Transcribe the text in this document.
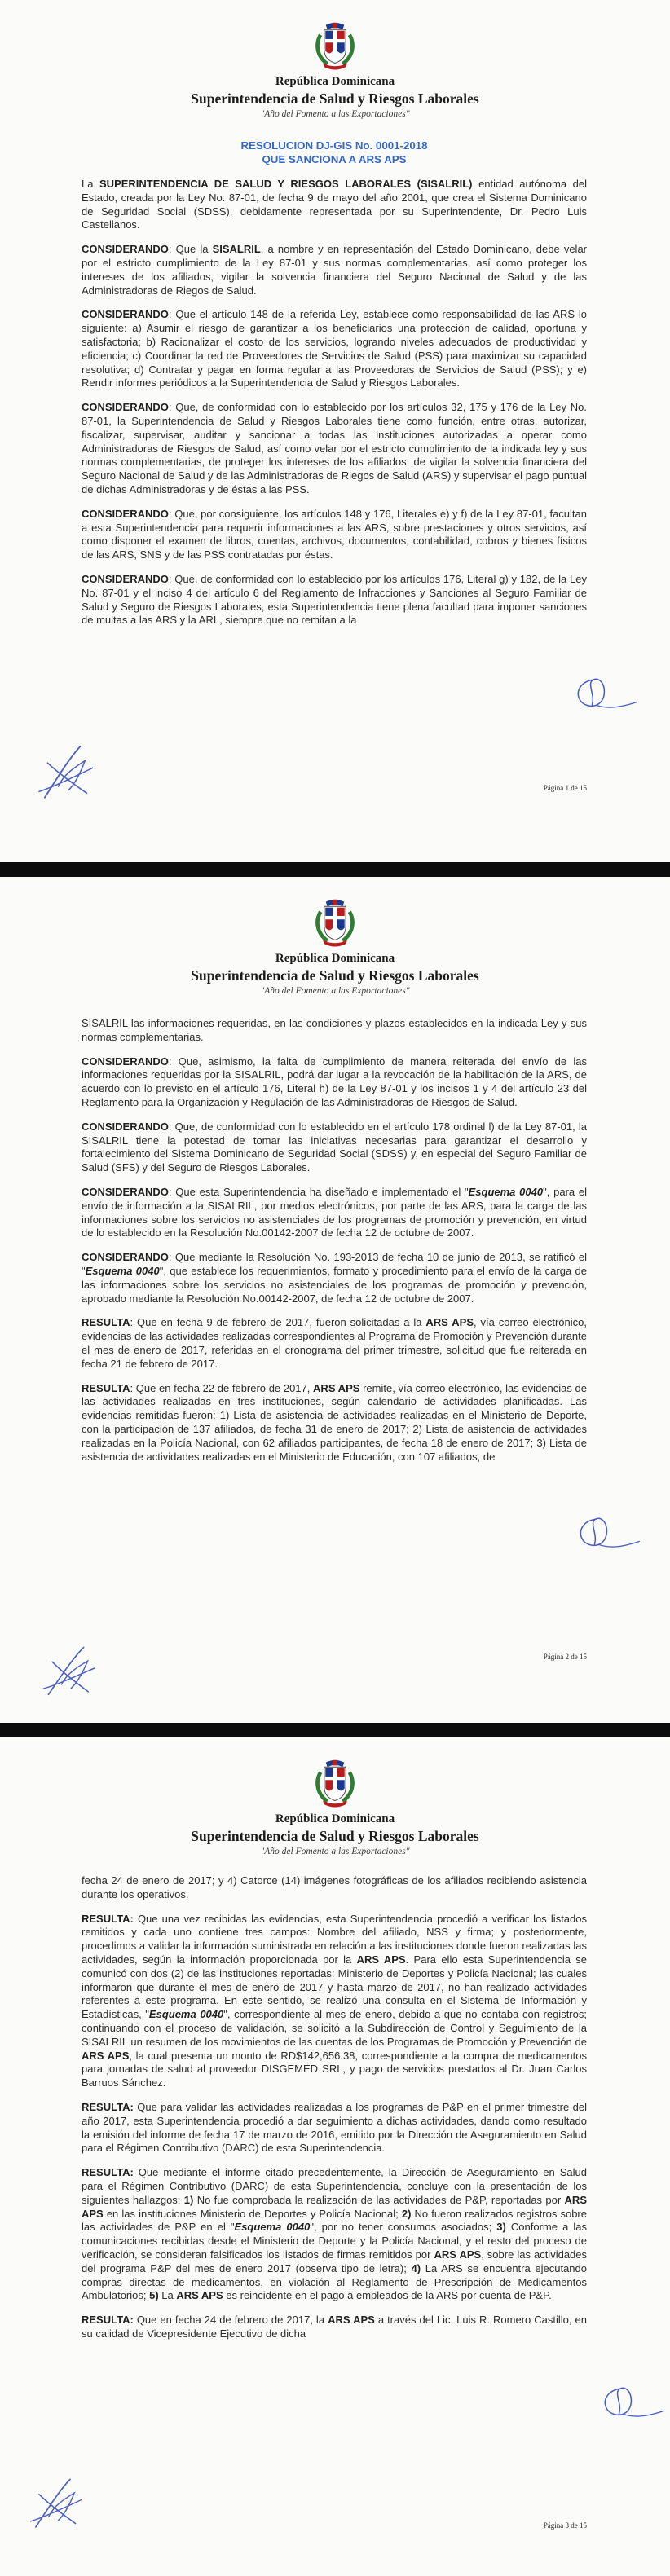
República Dominicana
Superintendencia de Salud y Riesgos Laborales
"Año del Fomento a las Exportaciones"
RESOLUCION DJ-GIS No. 0001-2018
QUE SANCIONA A ARS APS

La SUPERINTENDENCIA DE SALUD Y RIESGOS LABORALES (SISALRIL) entidad autónoma del Estado, creada por la Ley No. 87-01, de fecha 9 de mayo del año 2001, que crea el Sistema Dominicano de Seguridad Social (SDSS), debidamente representada por su Superintendente, Dr. Pedro Luis Castellanos.

CONSIDERANDO: Que la SISALRIL, a nombre y en representación del Estado Dominicano, debe velar por el estricto cumplimiento de la Ley 87-01 y sus normas complementarias, así como proteger los intereses de los afiliados, vigilar la solvencia financiera del Seguro Nacional de Salud y de las Administradoras de Riegos de Salud.

CONSIDERANDO: Que el artículo 148 de la referida Ley, establece como responsabilidad de las ARS lo siguiente: a) Asumir el riesgo de garantizar a los beneficiarios una protección de calidad, oportuna y satisfactoria; b) Racionalizar el costo de los servicios, logrando niveles adecuados de productividad y eficiencia; c) Coordinar la red de Proveedores de Servicios de Salud (PSS) para maximizar su capacidad resolutiva; d) Contratar y pagar en forma regular a las Proveedoras de Servicios de Salud (PSS); y e) Rendir informes periódicos a la Superintendencia de Salud y Riesgos Laborales.

CONSIDERANDO: Que, de conformidad con lo establecido por los artículos 32, 175 y 176 de la Ley No. 87-01, la Superintendencia de Salud y Riesgos Laborales tiene como función, entre otras, autorizar, fiscalizar, supervisar, auditar y sancionar a todas las instituciones autorizadas a operar como Administradoras de Riesgos de Salud, así como velar por el estricto cumplimiento de la indicada ley y sus normas complementarias, de proteger los intereses de los afiliados, de vigilar la solvencia financiera del Seguro Nacional de Salud y de las Administradoras de Riegos de Salud (ARS) y supervisar el pago puntual de dichas Administradoras y de éstas a las PSS.

CONSIDERANDO: Que, por consiguiente, los artículos 148 y 176, Literales e) y f) de la Ley 87-01, facultan a esta Superintendencia para requerir informaciones a las ARS, sobre prestaciones y otros servicios, así como disponer el examen de libros, cuentas, archivos, documentos, contabilidad, cobros y bienes físicos de las ARS, SNS y de las PSS contratadas por éstas.

CONSIDERANDO: Que, de conformidad con lo establecido por los artículos 176, Literal g) y 182, de la Ley No. 87-01 y el inciso 4 del artículo 6 del Reglamento de Infracciones y Sanciones al Seguro Familiar de Salud y Seguro de Riesgos Laborales, esta Superintendencia tiene plena facultad para imponer sanciones de multas a las ARS y la ARL, siempre que no remitan a la

Página 1 de 15
República Dominicana
Superintendencia de Salud y Riesgos Laborales
"Año del Fomento a las Exportaciones"

SISALRIL las informaciones requeridas, en las condiciones y plazos establecidos en la indicada Ley y sus normas complementarias.

CONSIDERANDO: Que, asimismo, la falta de cumplimiento de manera reiterada del envío de las informaciones requeridas por la SISALRIL, podrá dar lugar a la revocación de la habilitación de la ARS, de acuerdo con lo previsto en el artículo 176, Literal h) de la Ley 87-01 y los incisos 1 y 4 del artículo 23 del Reglamento para la Organización y Regulación de las Administradoras de Riesgos de Salud.

CONSIDERANDO: Que, de conformidad con lo establecido en el artículo 178 ordinal l) de la Ley 87-01, la SISALRIL tiene la potestad de tomar las iniciativas necesarias para garantizar el desarrollo y fortalecimiento del Sistema Dominicano de Seguridad Social (SDSS) y, en especial del Seguro Familiar de Salud (SFS) y del Seguro de Riesgos Laborales.

CONSIDERANDO: Que esta Superintendencia ha diseñado e implementado el "Esquema 0040", para el envío de información a la SISALRIL, por medios electrónicos, por parte de las ARS, para la carga de las informaciones sobre los servicios no asistenciales de los programas de promoción y prevención, en virtud de lo establecido en la Resolución No.00142-2007 de fecha 12 de octubre de 2007.

CONSIDERANDO: Que mediante la Resolución No. 193-2013 de fecha 10 de junio de 2013, se ratificó el "Esquema 0040", que establece los requerimientos, formato y procedimiento para el envío de la carga de las informaciones sobre los servicios no asistenciales de los programas de promoción y prevención, aprobado mediante la Resolución No.00142-2007, de fecha 12 de octubre de 2007.

RESULTA: Que en fecha 9 de febrero de 2017, fueron solicitadas a la ARS APS, vía correo electrónico, evidencias de las actividades realizadas correspondientes al Programa de Promoción y Prevención durante el mes de enero de 2017, referidas en el cronograma del primer trimestre, solicitud que fue reiterada en fecha 21 de febrero de 2017.

RESULTA: Que en fecha 22 de febrero de 2017, ARS APS remite, vía correo electrónico, las evidencias de las actividades realizadas en tres instituciones, según calendario de actividades planificadas. Las evidencias remitidas fueron: 1) Lista de asistencia de actividades realizadas en el Ministerio de Deporte, con la participación de 137 afiliados, de fecha 31 de enero de 2017; 2) Lista de asistencia de actividades realizadas en la Policía Nacional, con 62 afiliados participantes, de fecha 18 de enero de 2017; 3) Lista de asistencia de actividades realizadas en el Ministerio de Educación, con 107 afiliados, de

Página 2 de 15
República Dominicana
Superintendencia de Salud y Riesgos Laborales
"Año del Fomento a las Exportaciones"

fecha 24 de enero de 2017; y 4) Catorce (14) imágenes fotográficas de los afiliados recibiendo asistencia durante los operativos.

RESULTA: Que una vez recibidas las evidencias, esta Superintendencia procedió a verificar los listados remitidos y cada uno contiene tres campos: Nombre del afiliado, NSS y firma; y posteriormente, procedimos a validar la información suministrada en relación a las instituciones donde fueron realizadas las actividades, según la información proporcionada por la ARS APS. Para ello esta Superintendencia se comunicó con dos (2) de las instituciones reportadas: Ministerio de Deportes y Policía Nacional; las cuales informaron que durante el mes de enero de 2017 y hasta marzo de 2017, no han realizado actividades referentes a este programa. En este sentido, se realizó una consulta en el Sistema de Información y Estadísticas, "Esquema 0040", correspondiente al mes de enero, debido a que no contaba con registros; continuando con el proceso de validación, se solicitó a la Subdirección de Control y Seguimiento de la SISALRIL un resumen de los movimientos de las cuentas de los Programas de Promoción y Prevención de ARS APS, la cual presenta un monto de RD$142,656.38, correspondiente a la compra de medicamentos para jornadas de salud al proveedor DISGEMED SRL, y pago de servicios prestados al Dr. Juan Carlos Barruos Sánchez.

RESULTA: Que para validar las actividades realizadas a los programas de P&P en el primer trimestre del año 2017, esta Superintendencia procedió a dar seguimiento a dichas actividades, dando como resultado la emisión del informe de fecha 17 de marzo de 2016, emitido por la Dirección de Aseguramiento en Salud para el Régimen Contributivo (DARC) de esta Superintendencia.

RESULTA: Que mediante el informe citado precedentemente, la Dirección de Aseguramiento en Salud para el Régimen Contributivo (DARC) de esta Superintendencia, concluye con la presentación de los siguientes hallazgos: 1) No fue comprobada la realización de las actividades de P&P, reportadas por ARS APS en las instituciones Ministerio de Deportes y Policía Nacional; 2) No fueron realizados registros sobre las actividades de P&P en el "Esquema 0040", por no tener consumos asociados; 3) Conforme a las comunicaciones recibidas desde el Ministerio de Deporte y la Policía Nacional, y el resto del proceso de verificación, se consideran falsificados los listados de firmas remitidos por ARS APS, sobre las actividades del programa P&P del mes de enero 2017 (observa tipo de letra); 4) La ARS se encuentra ejecutando compras directas de medicamentos, en violación al Reglamento de Prescripción de Medicamentos Ambulatorios; 5) La ARS APS es reincidente en el pago a empleados de la ARS por cuenta de P&P.

RESULTA: Que en fecha 24 de febrero de 2017, la ARS APS a través del Lic. Luis R. Romero Castillo, en su calidad de Vicepresidente Ejecutivo de dicha

Página 3 de 15
